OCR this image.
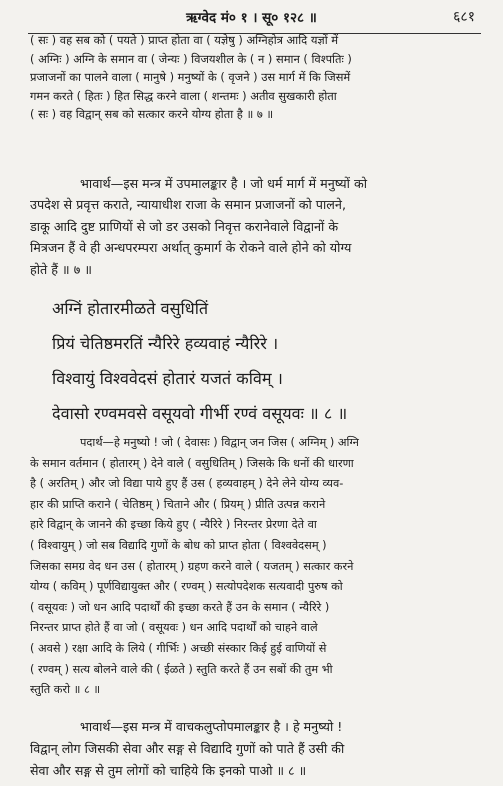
ऋग्वेद मं० १ । सू० १२८ ॥	६८१
( सः ) वह सब को ( पयते ) प्राप्त होता वा ( यज्ञेषु ) अग्निहोत्र आदि यज्ञों में
( अग्निः ) अग्नि के समान वा ( जेन्यः ) विजयशील के ( न ) समान ( विश्पतिः )
प्रजाजनों का पालने वाला ( मानुषे ) मनुष्यों के ( वृजने ) उस मार्ग में कि जिसमें
गमन करते ( हितः ) हित सिद्ध करने वाला ( शन्तमः ) अतीव सुखकारी होता
( सः ) वह विद्वान् सब को सत्कार करने योग्य होता है ॥ ७ ॥
भावार्थ—इस मन्त्र में उपमालङ्कार है । जो धर्म मार्ग में मनुष्यों को
उपदेश से प्रवृत्त कराते, न्यायाधीश राजा के समान प्रजाजनों को पालने,
डाकू आदि दुष्ट प्राणियों से जो डर उसको निवृत्त करानेवाले विद्वानों के
मित्रजन हैं वे ही अन्धपरम्परा अर्थात् कुमार्ग के रोकने वाले होने को योग्य
होते हैं ॥ ७ ॥
अग्निं होतारमीळते वसुधितिं
प्रियं चेतिष्ठमरतिं न्यैरिरे हव्यवाहं न्यैरिरे ।
विश्वायुं विश्ववेदसं होतारं यजतं कविम् ।
देवासो रण्वमवसे वसूयवो गीर्भी रण्वं वसूयवः ॥ ८ ॥
पदार्थ—हे मनुष्यो ! जो ( देवासः ) विद्वान् जन जिस ( अग्निम् ) अग्नि
के समान वर्तमान ( होतारम् ) देने वाले ( वसुधितिम् ) जिसके कि धनों की धारणा
है ( अरतिम् ) और जो विद्या पाये हुए हैं उस ( हव्यवाहम् ) देने लेने योग्य व्यव-
हार की प्राप्ति कराने ( चेतिष्ठम् ) चिताने और ( प्रियम् ) प्रीति उत्पन्न कराने
हारे विद्वान् के जानने की इच्छा किये हुए ( न्यैरिरे ) निरन्तर प्रेरणा देते वा
( विश्वायुम् ) जो सब विद्यादि गुणों के बोध को प्राप्त होता ( विश्ववेदसम् )
जिसका समग्र वेद धन उस ( होतारम् ) ग्रहण करने वाले ( यजतम् ) सत्कार करने
योग्य ( कविम् ) पूर्णविद्यायुक्त और ( रण्वम् ) सत्योपदेशक सत्यवादी पुरुष को
( वसूयवः ) जो धन आदि पदार्थों की इच्छा करते हैं उन के समान ( न्यैरिरे )
निरन्तर प्राप्त होते हैं वा जो ( वसूयवः ) धन आदि पदार्थों को चाहने वाले
( अवसे ) रक्षा आदि के लिये ( गीर्भिः ) अच्छी संस्कार किई हुई वाणियों से
( रण्वम् ) सत्य बोलने वाले की ( ईळते ) स्तुति करते हैं उन सबों की तुम भी
स्तुति करो ॥ ८ ॥
भावार्थ—इस मन्त्र में वाचकलुप्तोपमालङ्कार है । हे मनुष्यो !
विद्वान् लोग जिसकी सेवा और सङ्ग से विद्यादि गुणों को पाते हैं उसी की
सेवा और सङ्ग से तुम लोगों को चाहिये कि इनको पाओ ॥ ८ ॥
